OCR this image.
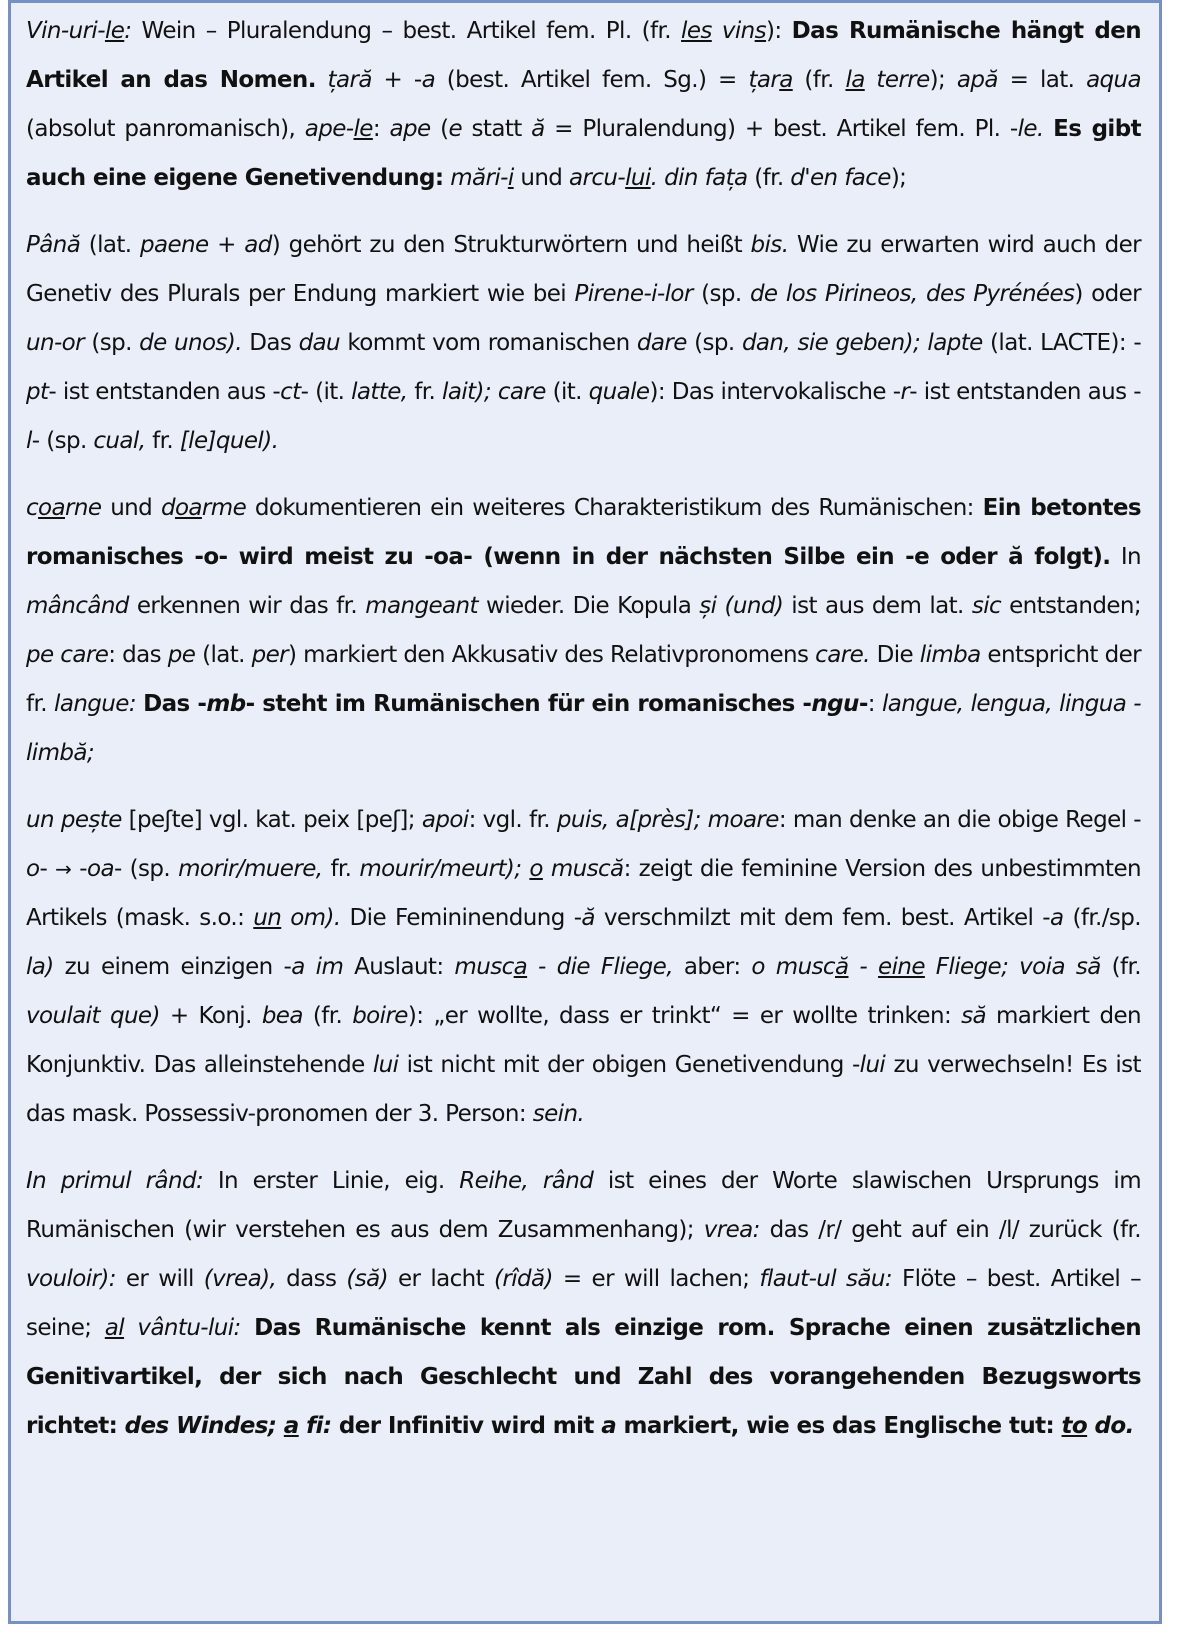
Vin-uri-le: Wein – Pluralendung – best. Artikel fem. Pl. (fr. les vins): Das Rumänische hängt den Artikel an das Nomen. țară + -a (best. Artikel fem. Sg.) = țara (fr. la terre); apă = lat. aqua (absolut panromanisch), ape-le: ape (e statt ă = Pluralendung) + best. Artikel fem. Pl. -le. Es gibt auch eine eigene Genetivendung: mări-i und arcu-lui. din fața (fr. d'en face);

Până (lat. paene + ad) gehört zu den Strukturwörtern und heißt bis. Wie zu erwarten wird auch der Genetiv des Plurals per Endung markiert wie bei Pirene-i-lor (sp. de los Pirineos, des Pyrénées) oder un-or (sp. de unos). Das dau kommt vom romanischen dare (sp. dan, sie geben); lapte (lat. LACTE): -pt- ist entstanden aus -ct- (it. latte, fr. lait); care (it. quale): Das intervokalische -r- ist entstanden aus -l- (sp. cual, fr. [le]quel).

coarne und doarme dokumentieren ein weiteres Charakteristikum des Rumänischen: Ein betontes romanisches -o- wird meist zu -oa- (wenn in der nächsten Silbe ein -e oder ă folgt). In mâncând erkennen wir das fr. mangeant wieder. Die Kopula și (und) ist aus dem lat. sic entstanden; pe care: das pe (lat. per) markiert den Akkusativ des Relativpronomens care. Die limba entspricht der fr. langue: Das -mb- steht im Rumänischen für ein romanisches -ngu-: langue, lengua, lingua - limbă;

un pește [peʃte] vgl. kat. peix [peʃ]; apoi: vgl. fr. puis, a[près]; moare: man denke an die obige Regel -o- → -oa- (sp. morir/muere, fr. mourir/meurt); o muscă: zeigt die feminine Version des unbestimmten Artikels (mask. s.o.: un om). Die Femininendung -ă verschmilzt mit dem fem. best. Artikel -a (fr./sp. la) zu einem einzigen -a im Auslaut: musca - die Fliege, aber: o muscă - eine Fliege; voia să (fr. voulait que) + Konj. bea (fr. boire): „er wollte, dass er trinkt“ = er wollte trinken: să markiert den Konjunktiv. Das alleinstehende lui ist nicht mit der obigen Genetivendung -lui zu verwechseln! Es ist das mask. Possessiv-pronomen der 3. Person: sein.

In primul rând: In erster Linie, eig. Reihe, rând ist eines der Worte slawischen Ursprungs im Rumänischen (wir verstehen es aus dem Zusammenhang); vrea: das /r/ geht auf ein /l/ zurück (fr. vouloir): er will (vrea), dass (să) er lacht (rîdă) = er will lachen; flaut-ul său: Flöte – best. Artikel – seine; al vântu-lui: Das Rumänische kennt als einzige rom. Sprache einen zusätzlichen Genitivartikel, der sich nach Geschlecht und Zahl des vorangehenden Bezugsworts richtet: des Windes; a fi: der Infinitiv wird mit a markiert, wie es das Englische tut: to do.
